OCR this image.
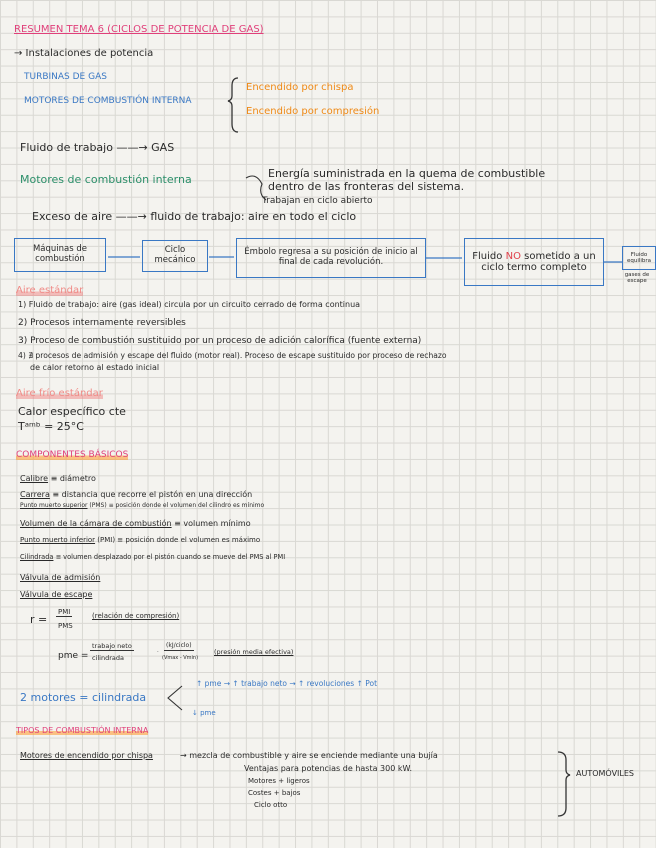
RESUMEN TEMA 6 (CICLOS DE POTENCIA DE GAS)
→ Instalaciones de potencia
TURBINAS DE GAS
MOTORES DE COMBUSTIÓN INTERNA
Encendido por chispa
Encendido por compresión
Fluido de trabajo ——→ GAS
Motores de combustión interna	Energía suministrada en la quema de combustible
dentro de las fronteras del sistema.
Trabajan en ciclo abierto
Exceso de aire ——→ fluido de trabajo: aire en todo el ciclo
Máquinas de combustión
Ciclo mecánico
Émbolo regresa a su posición de inicio al final de cada revolución.
Fluido NO sometido a un ciclo termo completo
Fluido equilibra
gases de escape
Aire estándar
1) Fluido de trabajo: aire (gas ideal) circula por un circuito cerrado de forma continua
2) Procesos internamente reversibles
3) Proceso de combustión sustituido por un proceso de adición calorífica (fuente externa)
4) ∄ procesos de admisión y escape del fluido (motor real). Proceso de escape sustituido por proceso de rechazo
de calor retorno al estado inicial
Aire frío estándar
Calor específico cte
Tᵃᵐᵇ = 25°C
COMPONENTES BÁSICOS
Calibre ≡ diámetro
Carrera ≡ distancia que recorre el pistón en una dirección
Punto muerto superior (PMS) ≡ posición donde el volumen del cilindro es mínimo
Volumen de la cámara de combustión ≡ volumen mínimo
Punto muerto inferior (PMI) ≡ posición donde el volumen es máximo
Cilindrada ≡ volumen desplazado por el pistón cuando se mueve del PMS al PMI
Válvula de admisión
Válvula de escape
r =
PMI
PMS
(relación de compresión)
pme =
trabajo neto
cilindrada
·
(kJ/ciclo)
(Vmax - Vmin)
(presión media efectiva)
2 motores = cilindrada
↑ pme → ↑ trabajo neto → ↑ revoluciones ↑ Pot
↓ pme
TIPOS DE COMBUSTIÓN INTERNA
Motores de encendido por chispa	→ mezcla de combustible y aire se enciende mediante una bujía
Ventajas para potencias de hasta 300 kW.
Motores + ligeros
Costes + bajos
Ciclo otto
AUTOMÓVILES
